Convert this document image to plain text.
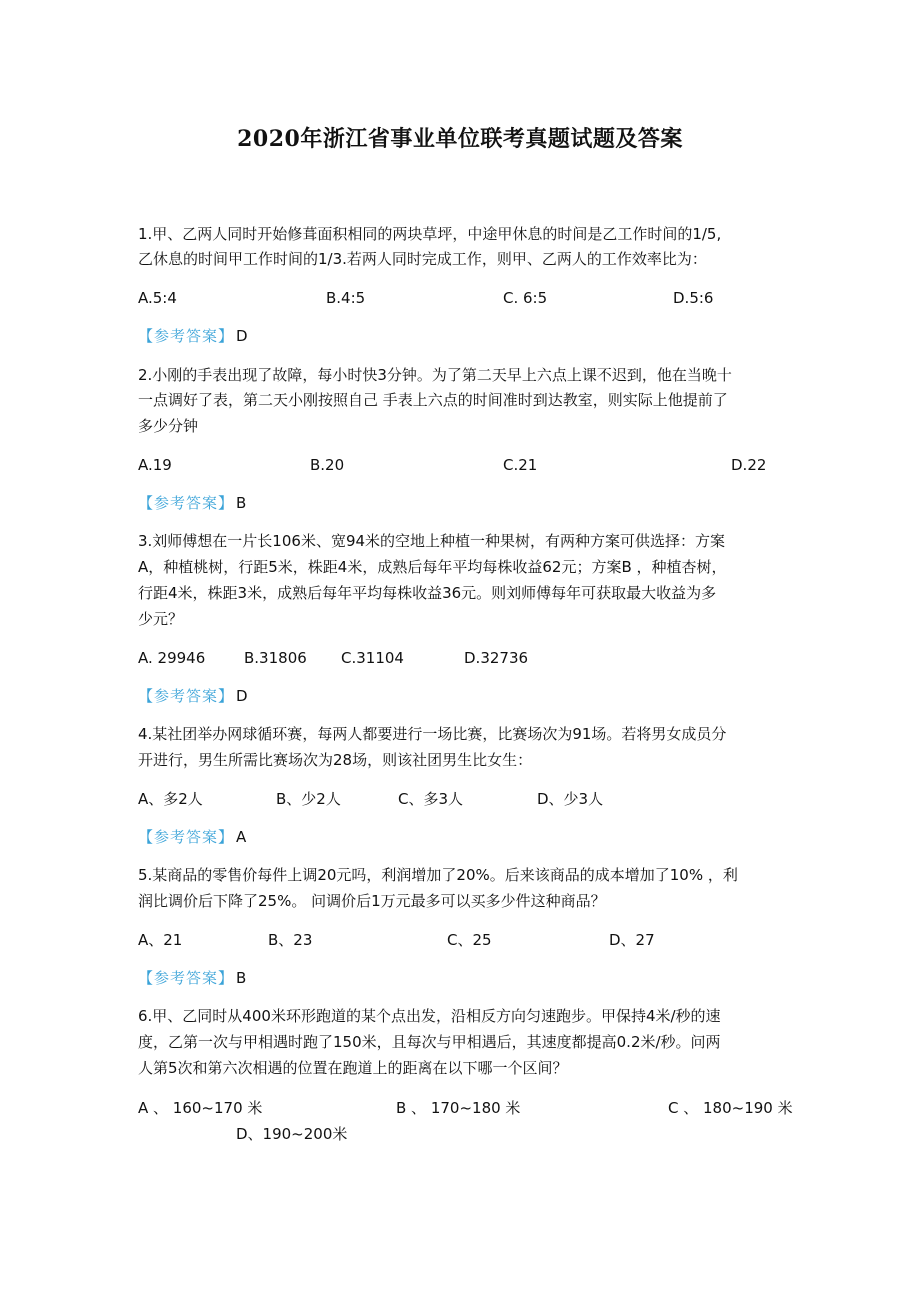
2020年浙江省事业单位联考真题试题及答案
1.甲、乙两人同时开始修葺面积相同的两块草坪，中途甲休息的时间是乙工作时间的1/5,
乙休息的时间甲工作时间的1/3.若两人同时完成工作，则甲、乙两人的工作效率比为：
A.5:4	B.4:5	C. 6:5	D.5:6
【参考答案】 D
2.小刚的手表出现了故障，每小时快3分钟。为了第二天早上六点上课不迟到，他在当晚十
一点调好了表，第二天小刚按照自己 手表上六点的时间准时到达教室，则实际上他提前了
多少分钟
A.19	B.20	C.21	D.22
【参考答案】 B
3.刘师傅想在一片长106米、宽94米的空地上种植一种果树，有两种方案可供选择：方案
A，种植桃树，行距5米，株距4米，成熟后每年平均每株收益62元；方案B ，种植杏树，
行距4米，株距3米，成熟后每年平均每株收益36元。则刘师傅每年可获取最大收益为多
少元？
A. 29946	B.31806 C.31104	D.32736
【参考答案】 D
4.某社团举办网球循环赛，每两人都要进行一场比赛，比赛场次为91场。若将男女成员分
开进行，男生所需比赛场次为28场，则该社团男生比女生：
A、多2人	B、少2人	C、多3人	D、少3人
【参考答案】 A
5.某商品的零售价每件上调20元吗，利润增加了20%。后来该商品的成本增加了10% ，利
润比调价后下降了25%。 问调价后1万元最多可以买多少件这种商品？
A、21	B、23	C、25	D、27
【参考答案】 B
6.甲、乙同时从400米环形跑道的某个点出发，沿相反方向匀速跑步。甲保持4米/秒的速
度，乙第一次与甲相遇时跑了150米，且每次与甲相遇后，其速度都提高0.2米/秒。问两
人第5次和第六次相遇的位置在跑道上的距离在以下哪一个区间？
A 、 160~170 米	B 、 170~180 米	C 、 180~190 米
D、190~200米
